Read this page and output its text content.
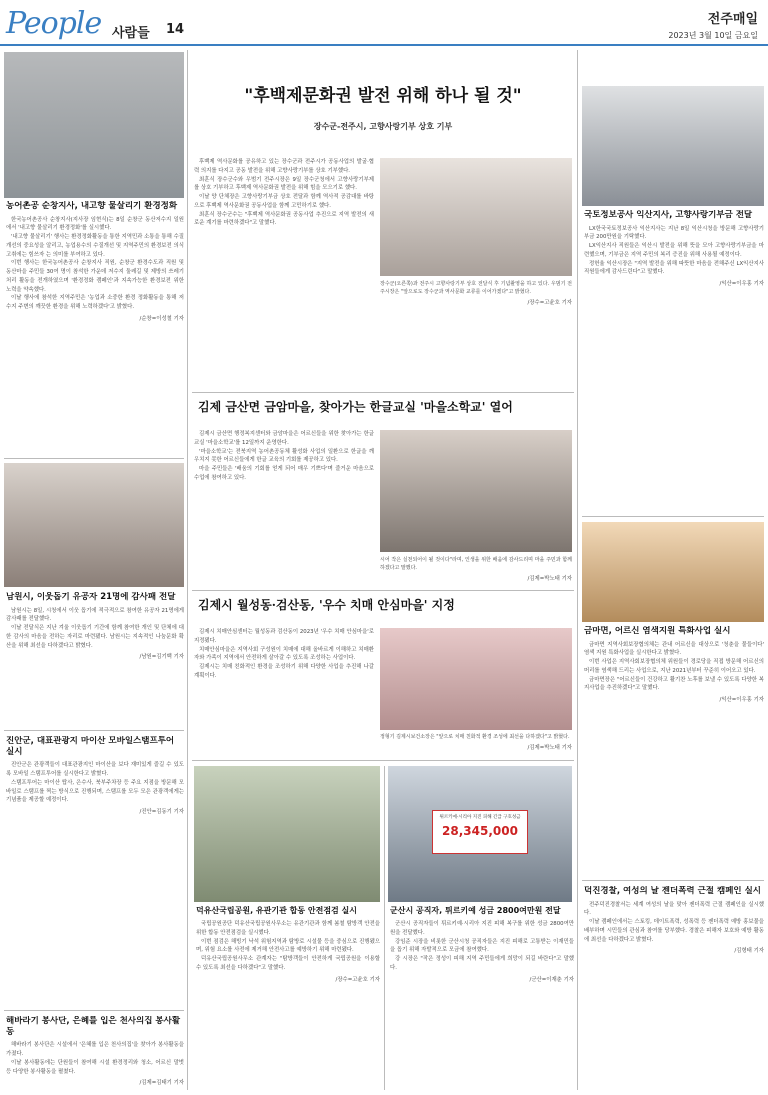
People 사람들 14
전주매일
2023년 3월 10일 금요일
농어촌공 순창지사, 내고향 물살리기 환경정화

한국농어촌공사 순창지사(지사장 임현식)는 8일 순창군 동산저수지 일원에서 '내고향 물살리기 환경정화'를 실시했다.

'내고향 물살리기' 행사는 환경정화활동을 통한 지역민과 소통을 통해 수질개선의 중요성을 알리고, 농업용수의 수질개선 및 지역주민의 환경보전 의식 고취에는 힘쓰자 는 의미를 부여하고 있다.

이번 행사는 한국농어촌공사 순창지사 직원, 순창군 환경수도과 직원 및 동산마을 주민들 30여 명이 참석한 가운데 저수지 둘레길 및 제방의 쓰레기 처리 활동을 전개하였으며 '환경정화 캠페인'과 지속가능한 환경보전 위한 노력을 약속했다.

이날 행사에 참석한 지역주민은 '농업과 소중한 환경 정화활동을 통해 저수지 주변의 깨끗한 환경을 위해 노력하겠다'고 밝혔다.

/순창=이성철 기자
남원시, 이웃돕기 유공자 21명에 감사패 전달

남원시는 8일, 시청에서 이웃 돕기에 적극적으로 참여한 유공자 21명에게 감사패를 전달했다.

이날 전달식은 지난 겨울 이웃돕기 기간에 함께 참여한 개인 및 단체에 대한 감사의 마음을 전하는 자리로 마련됐다. 남원시는 지속적인 나눔문화 확산을 위해 최선을 다하겠다고 밝혔다.

/남원=김기백 기자
진안군, 대표관광지 마이산 모바일스탬프투어 실시

진안군은 관광객들이 대표관광지인 마이산을 보다 재미있게 즐길 수 있도록 모바일 스탬프투어를 실시한다고 밝혔다.

스탬프투어는 마이산 탑사, 은수사, 북부주차장 등 주요 지점을 방문해 모바일로 스탬프를 찍는 방식으로 진행되며, 스탬프를 모두 모은 관광객에게는 기념품을 제공할 예정이다.

/진안=김동기 기자
해바라기 봉사단, 은혜를 입은 천사의집 봉사활동

해바라기 봉사단은 시설에서 '은혜를 입은 천사의집'을 찾아가 봉사활동을 가졌다.

이날 봉사활동에는 단원들이 참여해 시설 환경정리와 청소, 어르신 말벗 등 다양한 봉사활동을 펼쳤다.

/김제=김태기 기자
"후백제문화권 발전 위해 하나 될 것"
장수군-전주시, 고향사랑기부 상호 기부

후백제 역사문화를 공유하고 있는 장수군과 전주시가 공동사업의 발굴·협력 의지를 다지고 공동 발전을 위해 고향사랑기부를 상호 기부했다.

최훈식 장수군수와 우범기 전주시장은 9일 장수군청에서 고향사랑기부제를 상호 기부하고 후백제 역사문화권 발전을 위해 힘을 모으기로 했다.

이날 양 단체장은 고향사랑기부금 상호 전달과 함께 역사적 공감대를 바탕으로 후백제 역사문화권 공동사업을 함께 고민하기로 했다.

최훈식 장수군수는 "후백제 역사문화권 공동사업 추진으로 지역 발전의 새로운 계기를 마련하겠다"고 말했다.

장수군(오른쪽)과 전주시 고향사랑기부 상호 전달식 후 기념촬영을 하고 있다. 우범기 전주시장은 "앞으로도 장수군과 역사문화 교류를 이어가겠다"고 밝혔다.
/장수=고윤호 기자
김제 금산면 금암마을, 찾아가는 한글교실 '마을소학교' 열어

김제시 금산면 행정복지센터와 금암마을은 어르신들을 위한 찾아가는 한글교실 '마을소학교'를 12일까지 운영한다.

'마을소학교'는 전북지역 농어촌공동체 활성화 사업의 일환으로 한글을 깨우치지 못한 어르신들에게 한글 교육의 기회를 제공하고 있다.

마을 주민들은 '배움의 기회를 얻게 되어 매우 기쁘다'며 즐거운 마음으로 수업에 참여하고 있다.

시어 작은 실천되어이 될 것이다"라며, 인생을 위한 배움에 감사드리며 마을 주민과 함께 하겠다고 말했다.
/김제=박노태 기자
김제시 월성동·검산동, '우수 치매 안심마을' 지정

김제시 치매안심센터는 월성동과 검산동이 2023년 '우수 치매 안심마을'로 지정됐다.

치매안심마을은 지역사회 구성원이 치매에 대해 올바르게 이해하고 치매환자와 가족이 지역에서 안전하게 살아갈 수 있도록 조성하는 사업이다.

김제시는 치매 친화적인 환경을 조성하기 위해 다양한 사업을 추진해 나갈 계획이다.

정형기 김제시보건소장은 "앞으로 치매 친화적 환경 조성에 최선을 다하겠다"고 밝혔다.
/김제=박노태 기자
덕유산국립공원, 유관기관 합동 안전점검 실시

국립공원공단 덕유산국립공원사무소는 유관기관과 함께 봄철 탐방객 안전을 위한 합동 안전점검을 실시했다.

이번 점검은 해빙기 낙석 위험지역과 탐방로 시설물 등을 중심으로 진행됐으며, 위험 요소를 사전에 제거해 안전사고를 예방하기 위해 마련됐다.

덕유산국립공원사무소 관계자는 "탐방객들이 안전하게 국립공원을 이용할 수 있도록 최선을 다하겠다"고 말했다.

/장수=고윤호 기자
튀르키예·시리아 지진 피해 긴급 구호성금
28,345,000
군산시 공직자, 튀르키예 성금 2800여만원 전달

군산시 공직자들이 튀르키예·시리아 지진 피해 복구를 위한 성금 2800여만원을 전달했다.

강임준 시장을 비롯한 군산시청 공직자들은 지진 피해로 고통받는 이재민들을 돕기 위해 자발적으로 모금에 참여했다.

강 시장은 "작은 정성이 피해 지역 주민들에게 희망이 되길 바란다"고 말했다.

/군산=이재춘 기자
국토정보공사 익산지사, 고향사랑기부금 전달

LX한국국토정보공사 익산지사는 지난 8일 익산시청을 방문해 고향사랑기부금 200만원을 기탁했다.

LX익산지사 직원들은 익산시 발전을 위해 뜻을 모아 고향사랑기부금을 마련했으며, 기부금은 지역 주민의 복리 증진을 위해 사용될 예정이다.

정헌율 익산시장은 "지역 발전을 위해 따뜻한 마음을 전해주신 LX익산지사 직원들에게 감사드린다"고 말했다.

/익산=이우홍 기자
금마면, 어르신 염색지원 특화사업 실시

금마면 지역사회보장협의체는 관내 어르신을 대상으로 '청춘을 물들이다' 염색 지원 특화사업을 실시한다고 밝혔다.

이번 사업은 지역사회보장협의체 위원들이 경로당을 직접 방문해 어르신의 머리를 염색해 드리는 사업으로, 지난 2021년부터 꾸준히 이어오고 있다.

금마면장은 "어르신들이 건강하고 활기찬 노후를 보낼 수 있도록 다양한 복지사업을 추진하겠다"고 말했다.

/익산=이우홍 기자
덕진경찰, 여성의 날 젠더폭력 근절 캠페인 실시

전주덕진경찰서는 세계 여성의 날을 맞아 젠더폭력 근절 캠페인을 실시했다.

이날 캠페인에서는 스토킹, 데이트폭력, 성폭력 등 젠더폭력 예방 홍보물을 배부하며 시민들의 관심과 참여를 당부했다. 경찰은 피해자 보호와 예방 활동에 최선을 다하겠다고 밝혔다.

/김형태 기자
